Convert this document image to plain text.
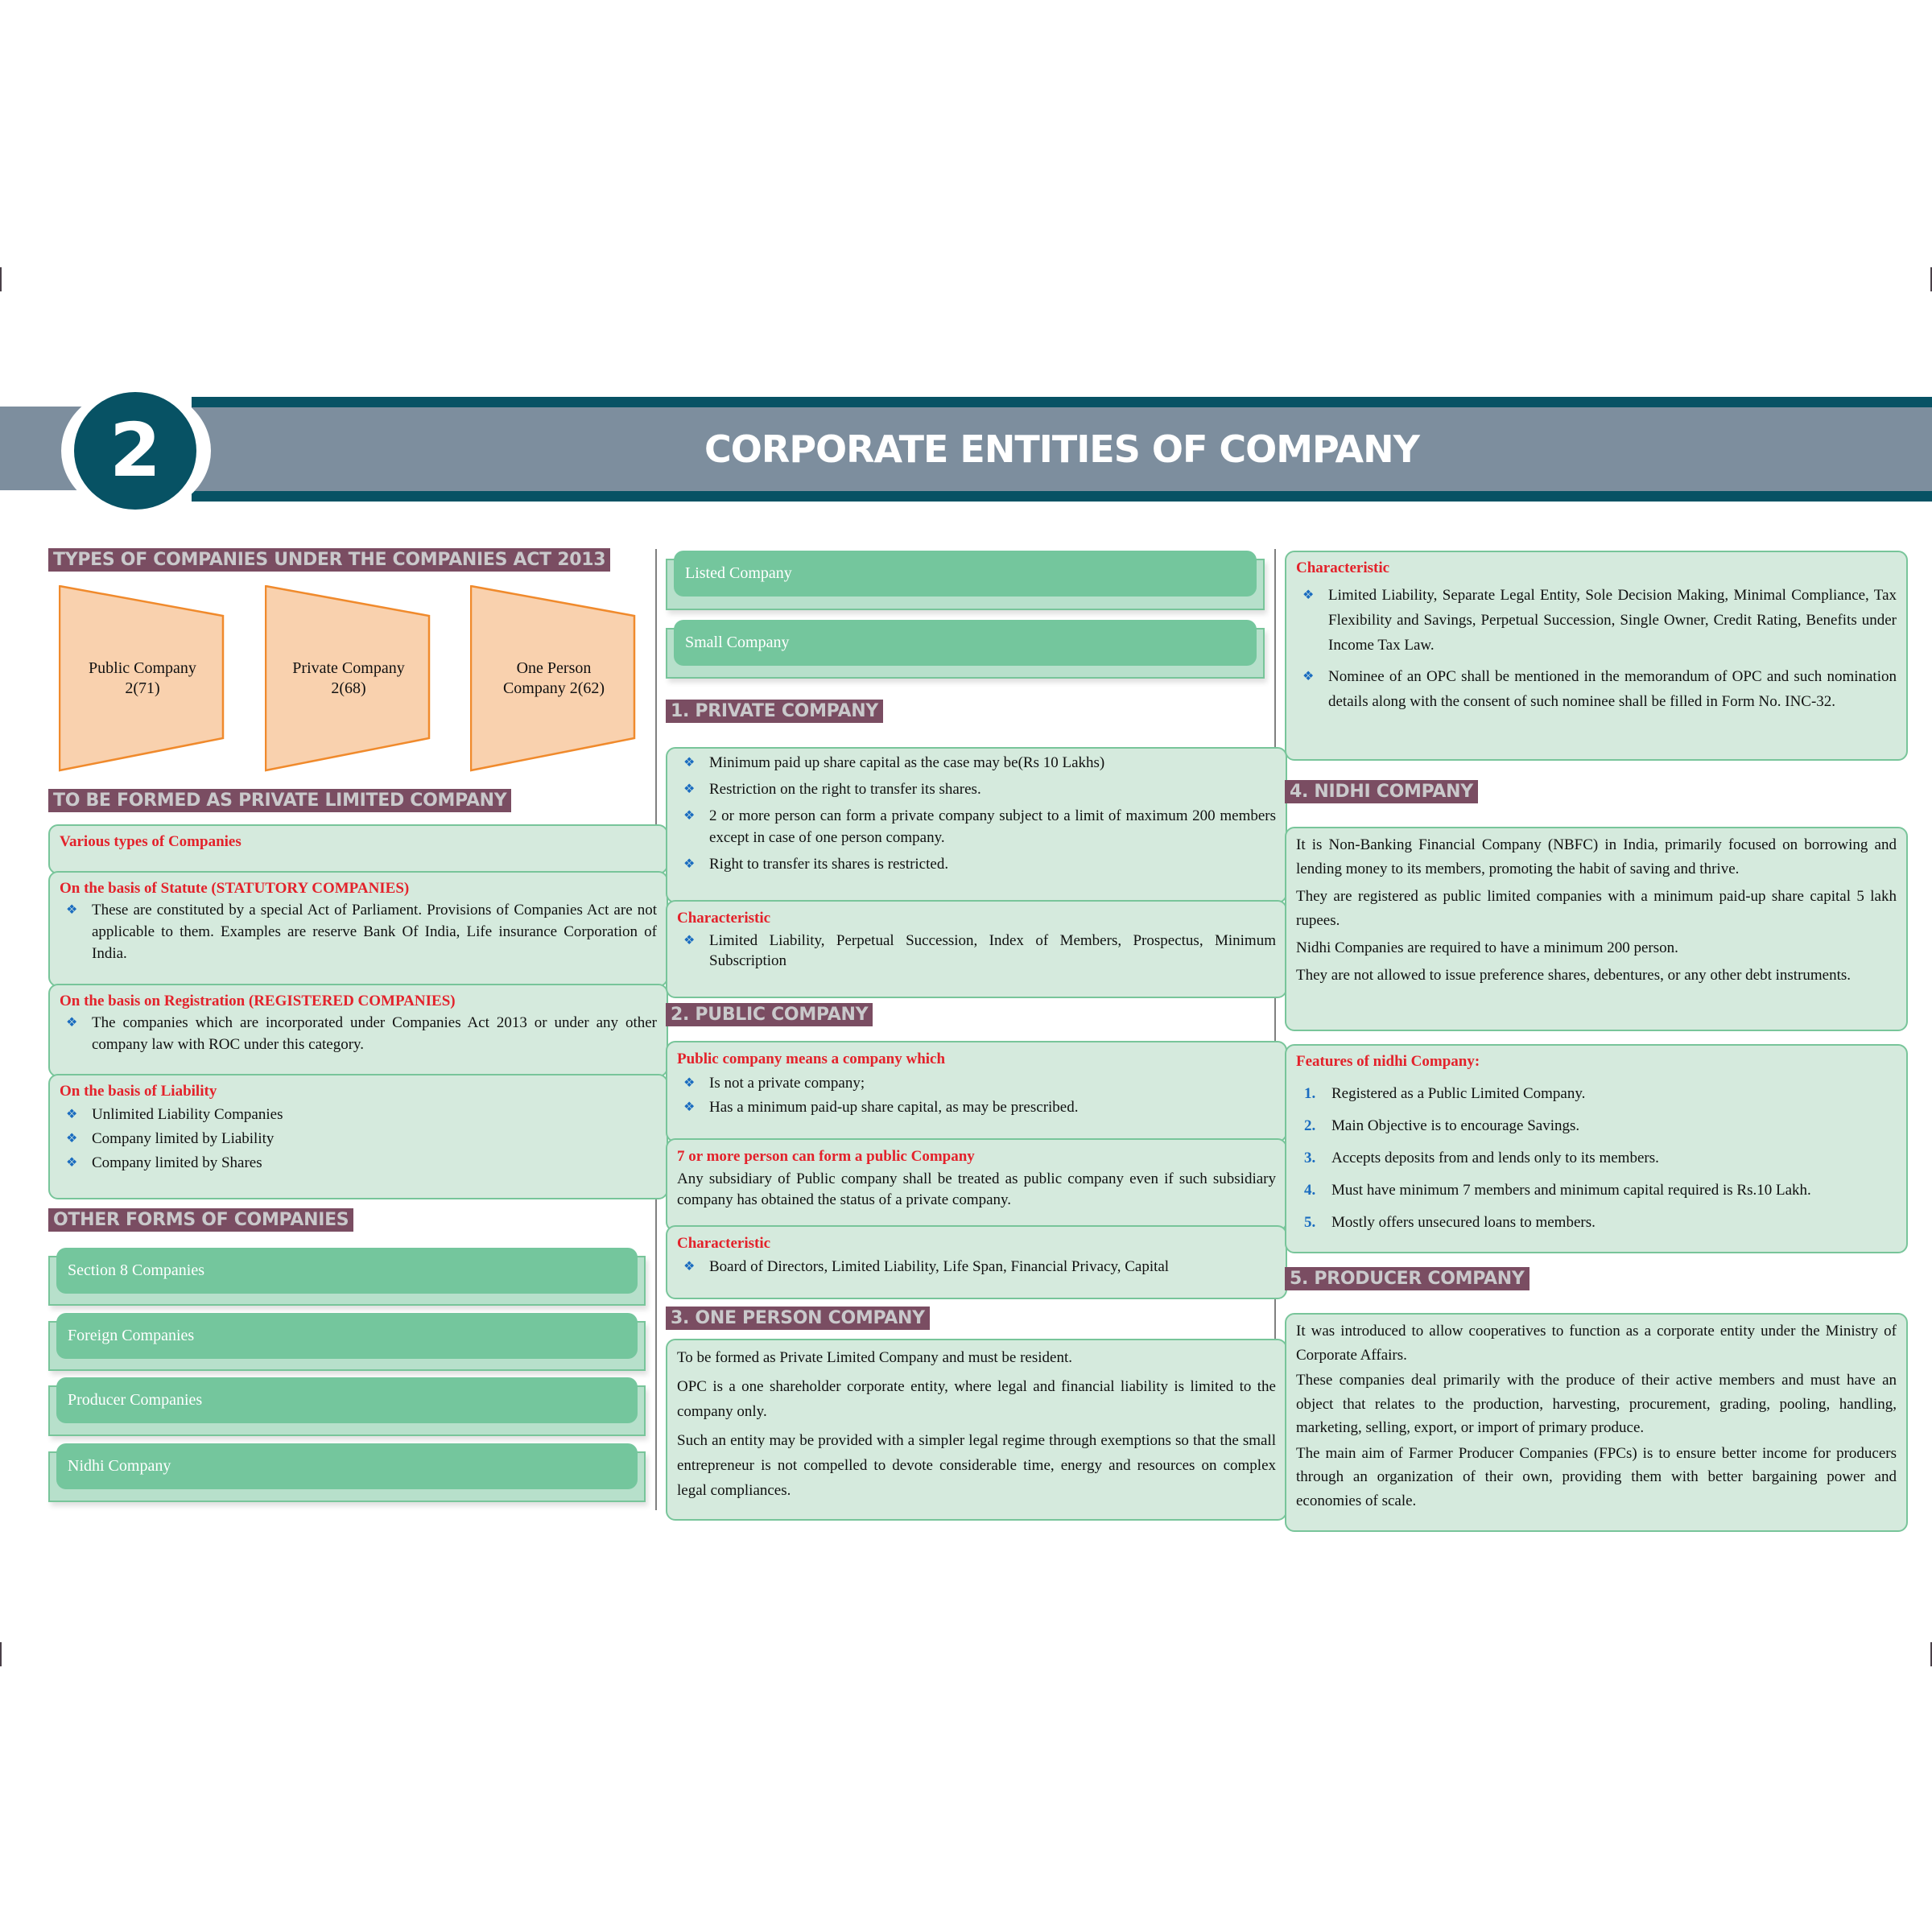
2	CORPORATE ENTITIES OF COMPANY
TYPES OF COMPANIES UNDER THE COMPANIES ACT 2013
Public Company
2(71)
Private Company
2(68)
One Person
Company 2(62)
TO BE FORMED AS PRIVATE LIMITED COMPANY
Various types of Companies
On the basis of Statute (STATUTORY COMPANIES)
❖ These are constituted by a special Act of Parliament. Provisions of Companies Act are not applicable to them. Examples are reserve Bank Of India, Life insurance Corporation of India.
On the basis on Registration (REGISTERED COMPANIES)
❖ The companies which are incorporated under Companies Act 2013 or under any other company law with ROC under this category.
On the basis of Liability
❖ Unlimited Liability Companies
❖ Company limited by Liability
❖ Company limited by Shares
OTHER FORMS OF COMPANIES
Section 8 Companies
Foreign Companies
Producer Companies
Nidhi Company
Listed Company
Small Company
1. PRIVATE COMPANY
❖ Minimum paid up share capital as the case may be(Rs 10 Lakhs)
❖ Restriction on the right to transfer its shares.
❖ 2 or more person can form a private company subject to a limit of maximum 200 members except in case of one person company.
❖ Right to transfer its shares is restricted.
Characteristic
❖ Limited Liability, Perpetual Succession, Index of Members, Prospectus, Minimum Subscription
2. PUBLIC COMPANY
Public company means a company which
❖ Is not a private company;
❖ Has a minimum paid-up share capital, as may be prescribed.
7 or more person can form a public Company

Any subsidiary of Public company shall be treated as public company even if such subsidiary company has obtained the status of a private company.

Characteristic
❖ Board of Directors, Limited Liability, Life Span, Financial Privacy, Capital
3. ONE PERSON COMPANY

To be formed as Private Limited Company and must be resident.

OPC is a one shareholder corporate entity, where legal and financial liability is limited to the company only.

Such an entity may be provided with a simpler legal regime through exemptions so that the small entrepreneur is not compelled to devote considerable time, energy and resources on complex legal compliances.

Characteristic
❖ Limited Liability, Separate Legal Entity, Sole Decision Making, Minimal Compliance, Tax Flexibility and Savings, Perpetual Succession, Single Owner, Credit Rating, Benefits under Income Tax Law.
❖ Nominee of an OPC shall be mentioned in the memorandum of OPC and such nomination details along with the consent of such nominee shall be filled in Form No. INC-32.
4. NIDHI COMPANY

It is Non-Banking Financial Company (NBFC) in India, primarily focused on borrowing and lending money to its members, promoting the habit of saving and thrive.

They are registered as public limited companies with a minimum paid-up share capital 5 lakh rupees.

Nidhi Companies are required to have a minimum 200 person.

They are not allowed to issue preference shares, debentures, or any other debt instruments.

Features of nidhi Company:
1. Registered as a Public Limited Company.
2. Main Objective is to encourage Savings.
3. Accepts deposits from and lends only to its members.
4. Must have minimum 7 members and minimum capital required is Rs.10 Lakh.
5. Mostly offers unsecured loans to members.
5. PRODUCER COMPANY

It was introduced to allow cooperatives to function as a corporate entity under the Ministry of Corporate Affairs.

These companies deal primarily with the produce of their active members and must have an object that relates to the production, harvesting, procurement, grading, pooling, handling, marketing, selling, export, or import of primary produce.

The main aim of Farmer Producer Companies (FPCs) is to ensure better income for producers through an organization of their own, providing them with better bargaining power and economies of scale.
